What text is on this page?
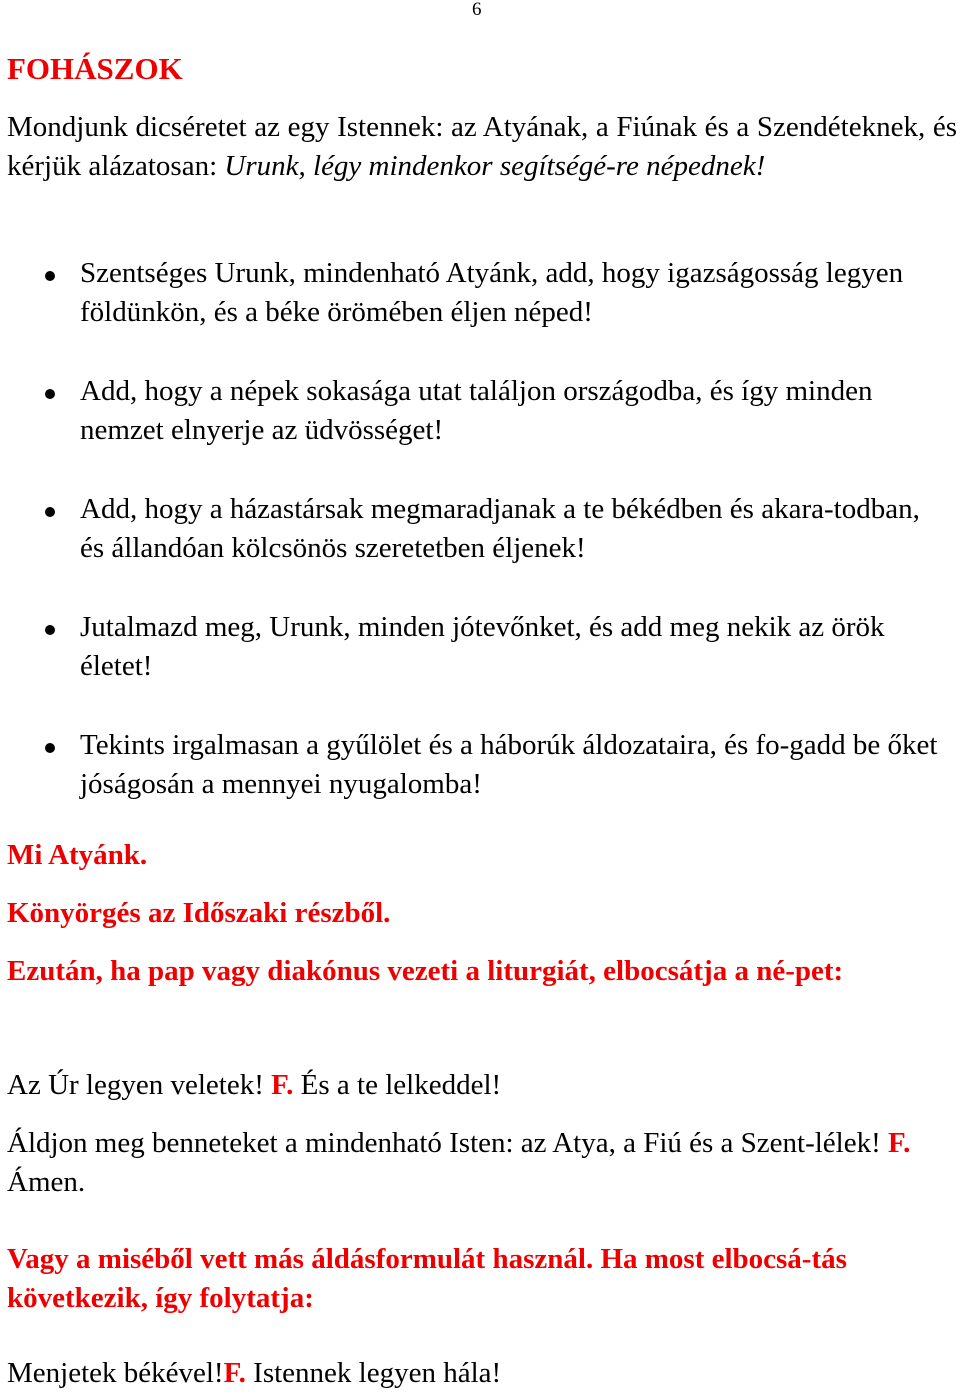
6
FOHÁSZOK
Mondjunk dicséretet az egy Istennek: az Atyának, a Fiúnak és a Szendéteknek, és kérjük alázatosan: Urunk, légy mindenkor segítségé-re népednek!
Szentséges Urunk, mindenható Atyánk, add, hogy igazságosság legyen földünkön, és a béke örömében éljen néped!
Add, hogy a népek sokasága utat találjon országodba, és így minden nemzet elnyerje az üdvösséget!
Add, hogy a házastársak megmaradjanak a te békédben és akara-todban, és állandóan kölcsönös szeretetben éljenek!
Jutalmazd meg, Urunk, minden jótevőnket, és add meg nekik az örök életet!
Tekints irgalmasan a gyűlölet és a háborúk áldozataira, és fo-gadd be őket jóságosán a mennyei nyugalomba!
Mi Atyánk.
Könyörgés az Időszaki részből.
Ezután, ha pap vagy diakónus vezeti a liturgiát, elbocsátja a né-pet:
Az Úr legyen veletek! F. És a te lelkeddel!
Áldjon meg benneteket a mindenható Isten: az Atya, a Fiú és a Szent-lélek! F. Ámen.
Vagy a miséből vett más áldásformulát használ. Ha most elbocsá-tás következik, így folytatja:
Menjetek békével!F. Istennek legyen hála!
